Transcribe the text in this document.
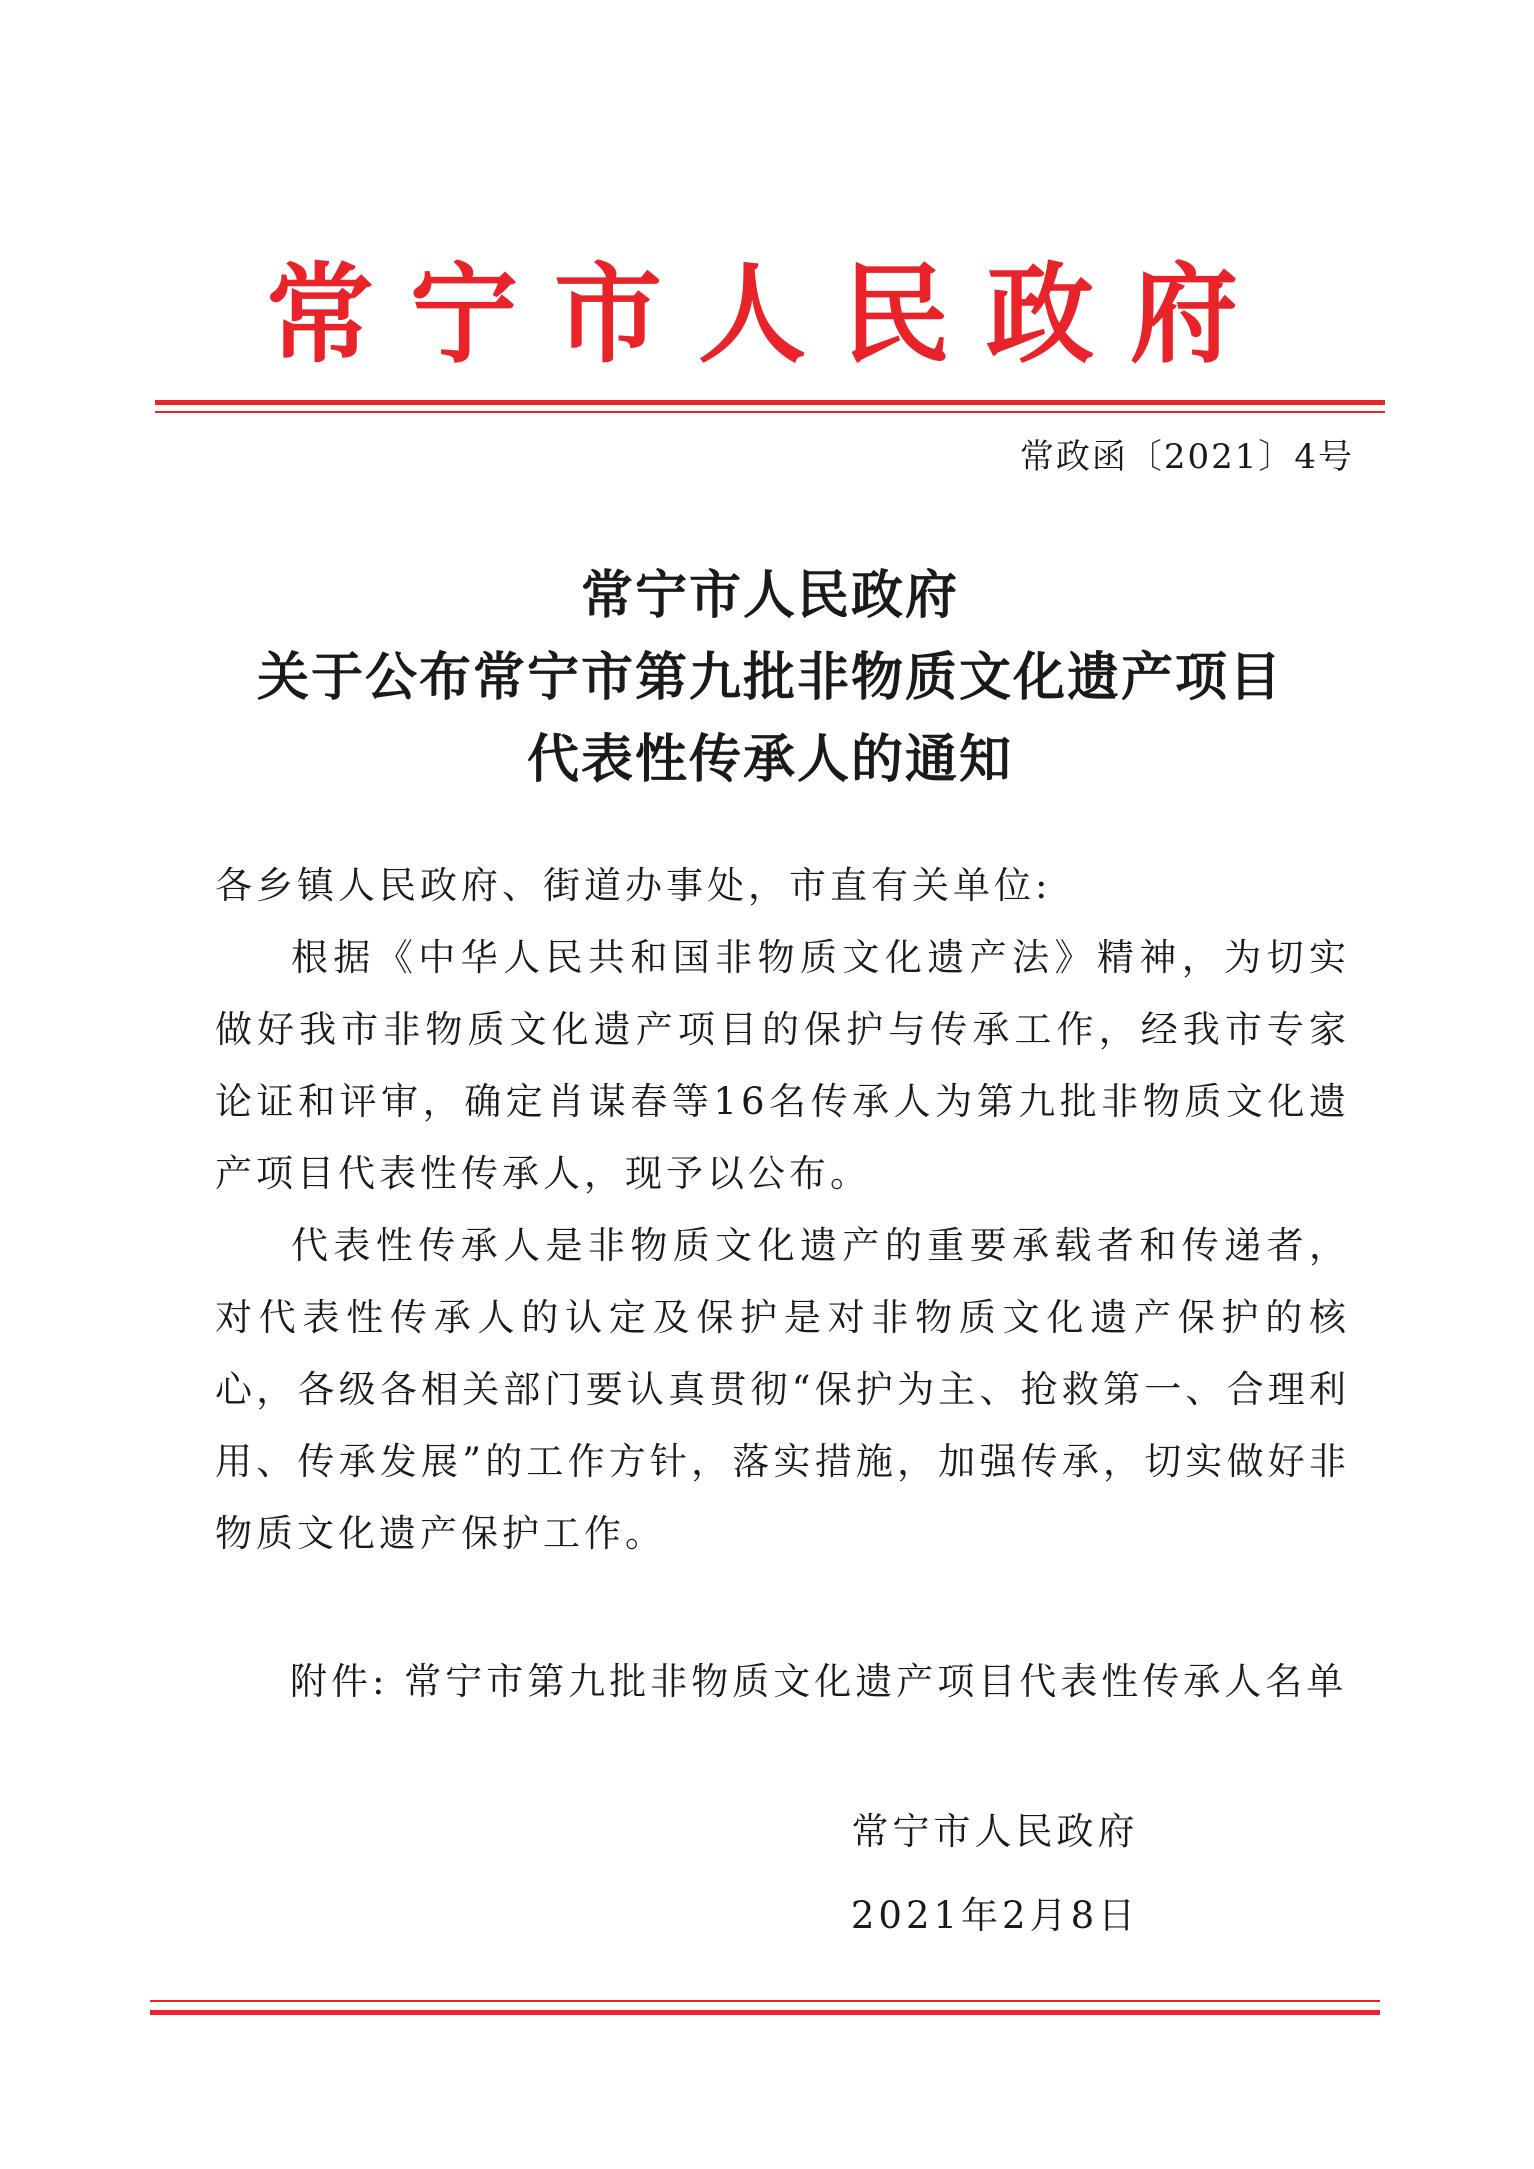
常宁市人民政府
常政函〔2021〕4号
常宁市人民政府
关于公布常宁市第九批非物质文化遗产项目
代表性传承人的通知

各乡镇人民政府、街道办事处，市直有关单位:

根据《中华人民共和国非物质文化遗产法》精神，为切实做好我市非物质文化遗产项目的保护与传承工作，经我市专家论证和评审，确定肖谋春等16名传承人为第九批非物质文化遗产项目代表性传承人，现予以公布。

代表性传承人是非物质文化遗产的重要承载者和传递者，对代表性传承人的认定及保护是对非物质文化遗产保护的核心，各级各相关部门要认真贯彻“保护为主、抢救第一、合理利用、传承发展”的工作方针，落实措施，加强传承，切实做好非物质文化遗产保护工作。

附件: 常宁市第九批非物质文化遗产项目代表性传承人名单
常宁市人民政府
2021年2月8日
